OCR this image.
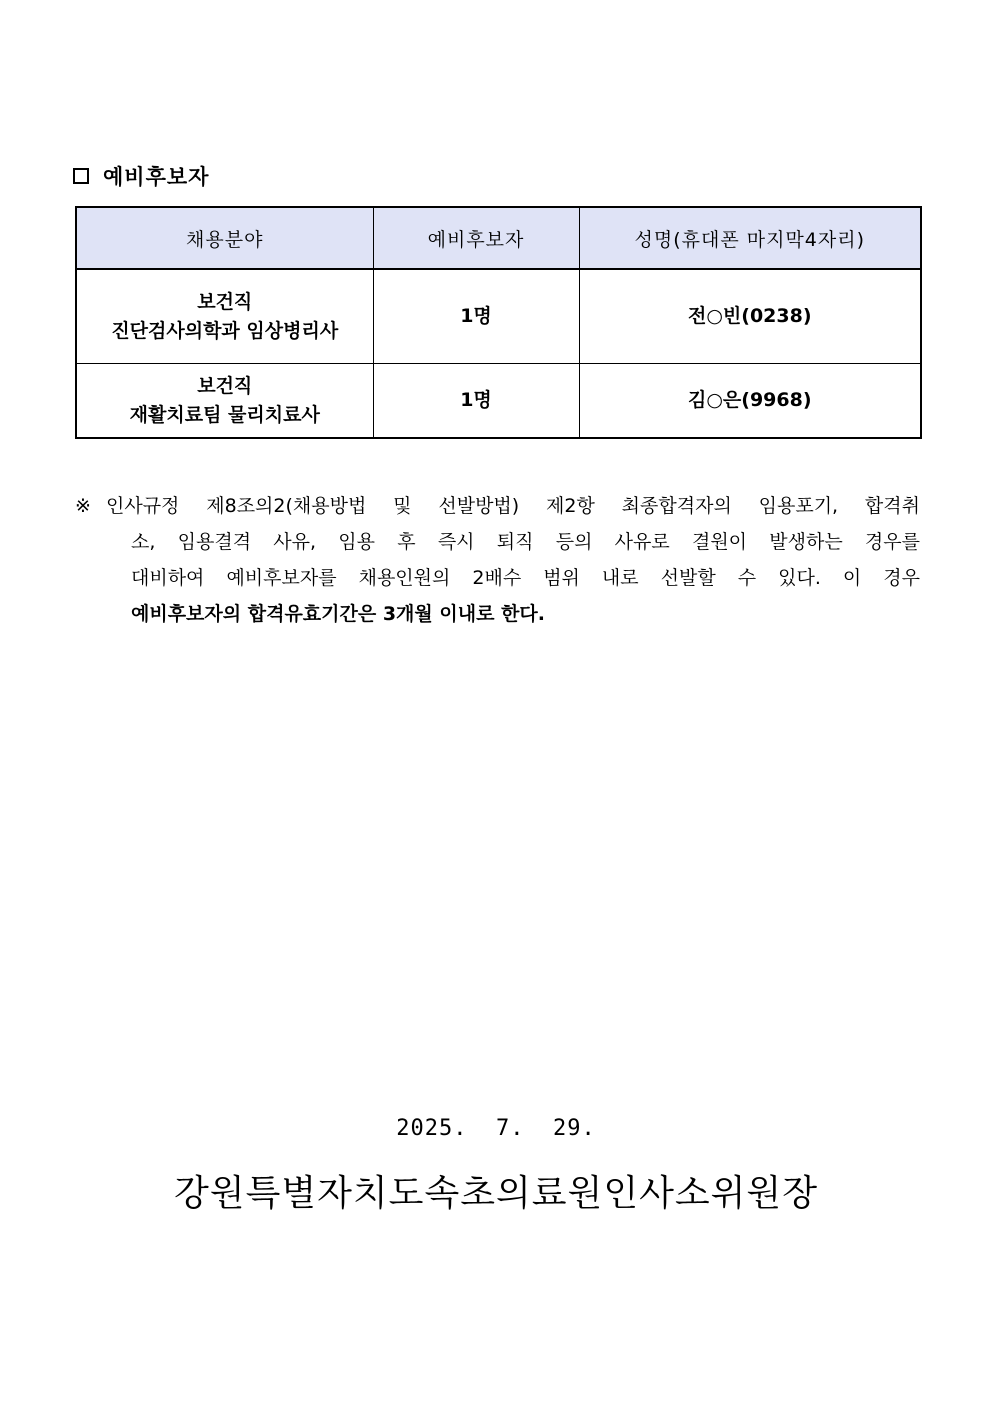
예비후보자
채용분야	예비후보자	성명(휴대폰 마지막4자리)

보건직
진단검사의학과 임상병리사	1명	전○빈(0238)

보건직
재활치료팀 물리치료사	1명	김○은(9968)
※ 인사규정 제8조의2(채용방법 및 선발방법) 제2항 최종합격자의 임용포기, 합격취
소, 임용결격 사유, 임용 후 즉시 퇴직 등의 사유로 결원이 발생하는 경우를
대비하여 예비후보자를 채용인원의 2배수 범위 내로 선발할 수 있다. 이 경우
예비후보자의 합격유효기간은 3개월 이내로 한다.
2025.  7.  29.
강원특별자치도속초의료원인사소위원장
